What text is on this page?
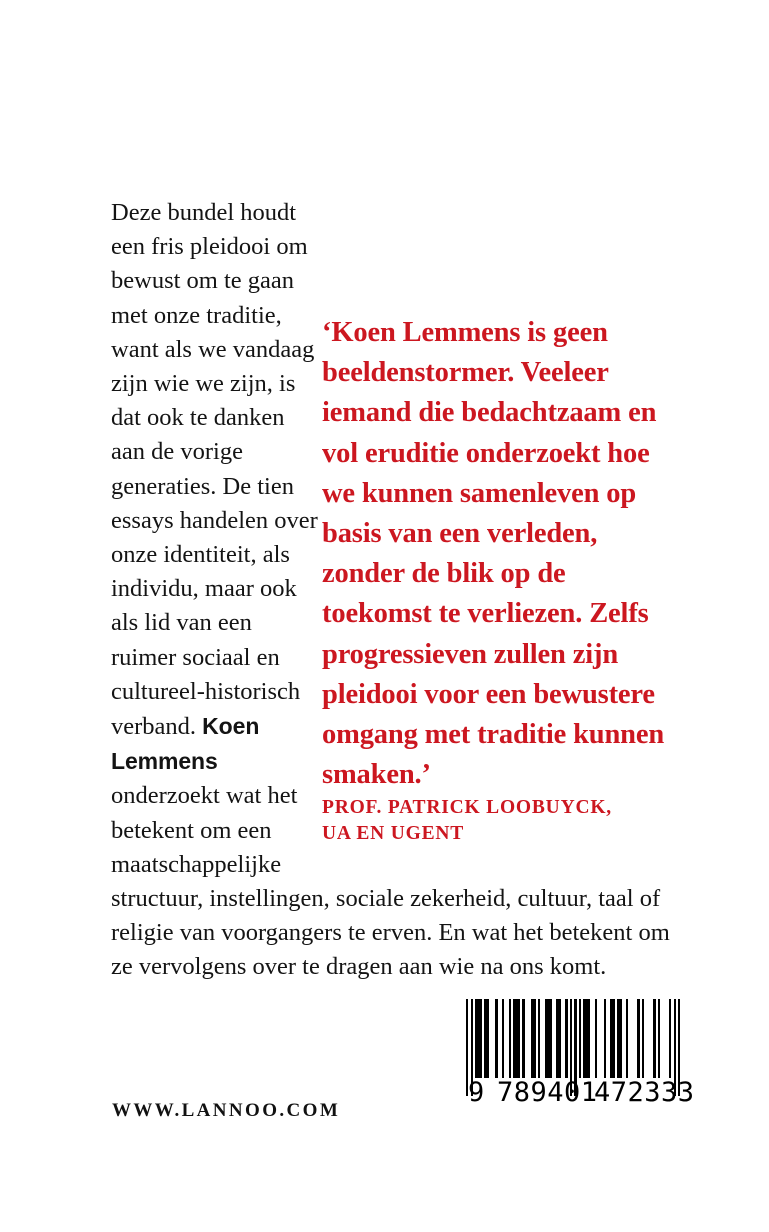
‘Koen Lemmens is geen beeldenstormer. Veeleer iemand die bedachtzaam en vol eruditie onderzoekt hoe we kunnen samenleven op basis van een verleden, zonder de blik op de toekomst te verliezen. Zelfs progressieven zullen zijn pleidooi voor een bewustere omgang met traditie kunnen smaken.’

PROF. PATRICK LOOBUYCK,
UA EN UGENT

Deze bundel houdt een fris pleidooi om bewust om te gaan met onze traditie, want als we vandaag zijn wie we zijn, is dat ook te danken aan de vorige generaties. De tien essays handelen over onze identiteit, als individu, maar ook als lid van een ruimer sociaal en cultureel-historisch verband. Koen Lemmens onderzoekt wat het betekent om een maatschappelijke structuur, instellingen, sociale zekerheid, cultuur, taal of religie van voorgangers te erven. En wat het betekent om ze vervolgens over te dragen aan wie na ons komt.

WWW.LANNOO.COM

9

789401

472333
